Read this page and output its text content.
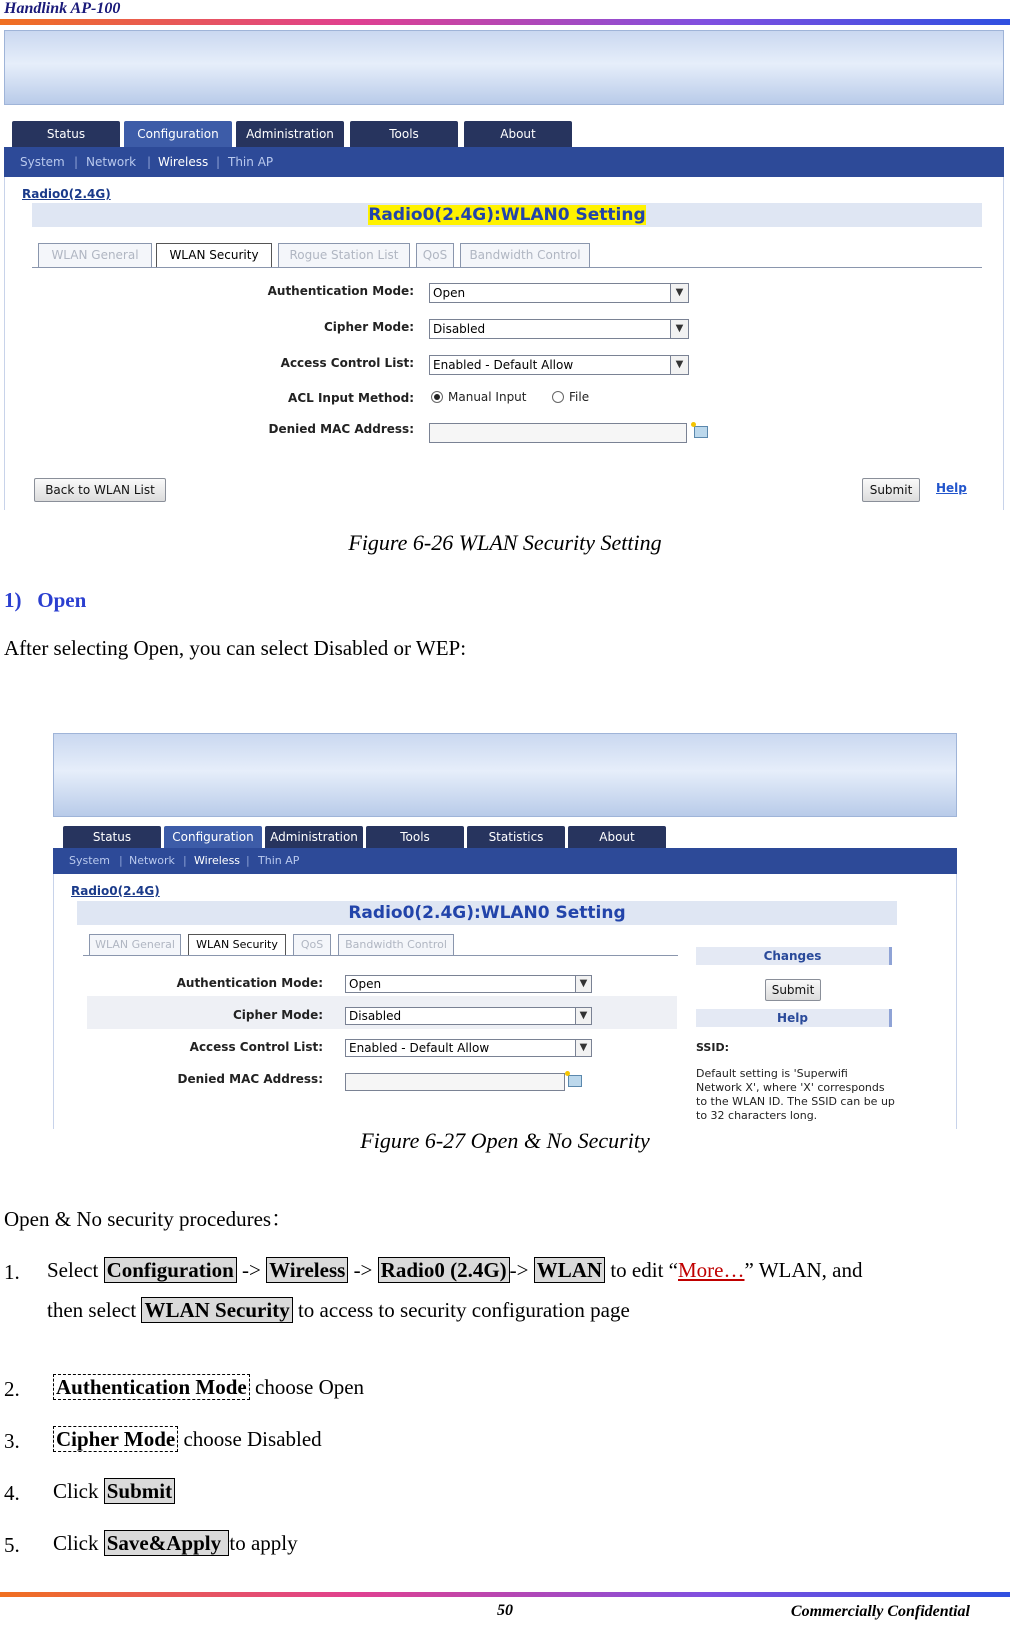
Handlink AP-100
Status	Configuration	Administration	Tools	About
System | Network | Wireless | Thin AP
Radio0(2.4G)
Radio0(2.4G):WLAN0 Setting
WLAN General	WLAN Security	Rogue Station List	QoS	Bandwidth Control
Authentication Mode:	Open	▼
Cipher Mode:	Disabled	▼
Access Control List:	Enabled - Default Allow	▼
ACL Input Method:	Manual Input	File
Denied MAC Address:
Back to WLAN List	Submit	Help
Figure 6-26 WLAN Security Setting
1)   Open
After selecting Open, you can select Disabled or WEP:
Status	Configuration	Administration	Tools	Statistics	About
System | Network | Wireless | Thin AP
Radio0(2.4G)
Radio0(2.4G):WLAN0 Setting
WLAN General	WLAN Security	QoS	Bandwidth Control
Authentication Mode:	Open	▼
Cipher Mode:	Disabled	▼
Access Control List:	Enabled - Default Allow	▼
Denied MAC Address:
Changes
Submit
Help
SSID:
Default setting is 'Superwifi Network X', where 'X' corresponds to the WLAN ID. The SSID can be up to 32 characters long.
Figure 6-27 Open & No Security
Open & No security procedures：
1. Select Configuration -> Wireless -> Radio0 (2.4G) -> WLAN to edit “More…” WLAN, and
then select WLAN Security to access to security configuration page
2. Authentication Mode choose Open
3. Cipher Mode choose Disabled
4. Click Submit
5. Click Save&Apply to apply
50	Commercially Confidential
